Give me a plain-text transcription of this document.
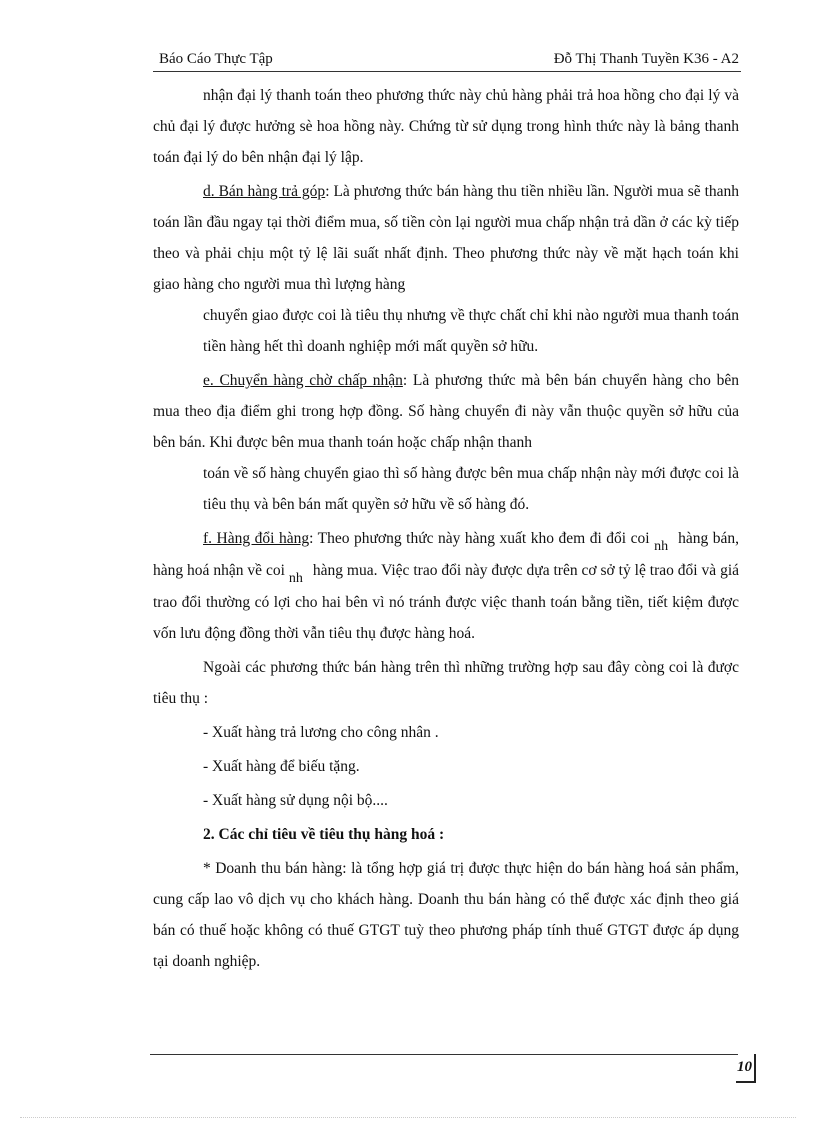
Báo Cáo Thực Tập	Đỗ Thị Thanh Tuyền K36 - A2

nhận đại lý thanh toán theo phương thức này chủ hàng phải trả hoa hồng cho đại lý và chủ đại lý được hưởng sè hoa hồng này. Chứng từ sử dụng trong hình thức này là bảng thanh toán đại lý do bên nhận đại lý lập.

d. Bán hàng trả góp: Là phương thức bán hàng thu tiền nhiều lần. Người mua sẽ thanh toán lần đầu ngay tại thời điểm mua, số tiền còn lại người mua chấp nhận trả dần ở các kỳ tiếp theo và phải chịu một tỷ lệ lãi suất nhất định. Theo phương thức này về mặt hạch toán khi giao hàng cho người mua thì lượng hàng

chuyển giao được coi là tiêu thụ nhưng về thực chất chỉ khi nào người mua thanh toán tiền hàng hết thì doanh nghiệp mới mất quyền sở hữu.

e. Chuyển hàng chờ chấp nhận: Là phương thức mà bên bán chuyển hàng cho bên mua theo địa điểm ghi trong hợp đồng. Số hàng chuyển đi này vẫn thuộc quyền sở hữu của bên bán. Khi được bên mua thanh toán hoặc chấp nhận thanh

toán về số hàng chuyển giao thì số hàng được bên mua chấp nhận này mới được coi là tiêu thụ và bên bán mất quyền sở hữu về số hàng đó.

f. Hàng đổi hàng: Theo phương thức này hàng xuất kho đem đi đổi coi nh hàng bán, hàng hoá nhận về coi nh hàng mua. Việc trao đổi này được dựa trên cơ sở tỷ lệ trao đổi và giá trao đổi thường có lợi cho hai bên vì nó tránh được việc thanh toán bằng tiền, tiết kiệm được vốn lưu động đồng thời vẫn tiêu thụ được hàng hoá.

Ngoài các phương thức bán hàng trên thì những trường hợp sau đây còng coi là được tiêu thụ :

- Xuất hàng trả lương cho công nhân .

- Xuất hàng để biếu tặng.

- Xuất hàng sử dụng nội bộ....

2. Các chỉ tiêu về tiêu thụ hàng hoá :

* Doanh thu bán hàng: là tổng hợp giá trị được thực hiện do bán hàng hoá sản phẩm, cung cấp lao vô dịch vụ cho khách hàng. Doanh thu bán hàng có thể được xác định theo giá bán có thuế hoặc không có thuế GTGT tuỳ theo phương pháp tính thuế GTGT được áp dụng tại doanh nghiệp.

10
